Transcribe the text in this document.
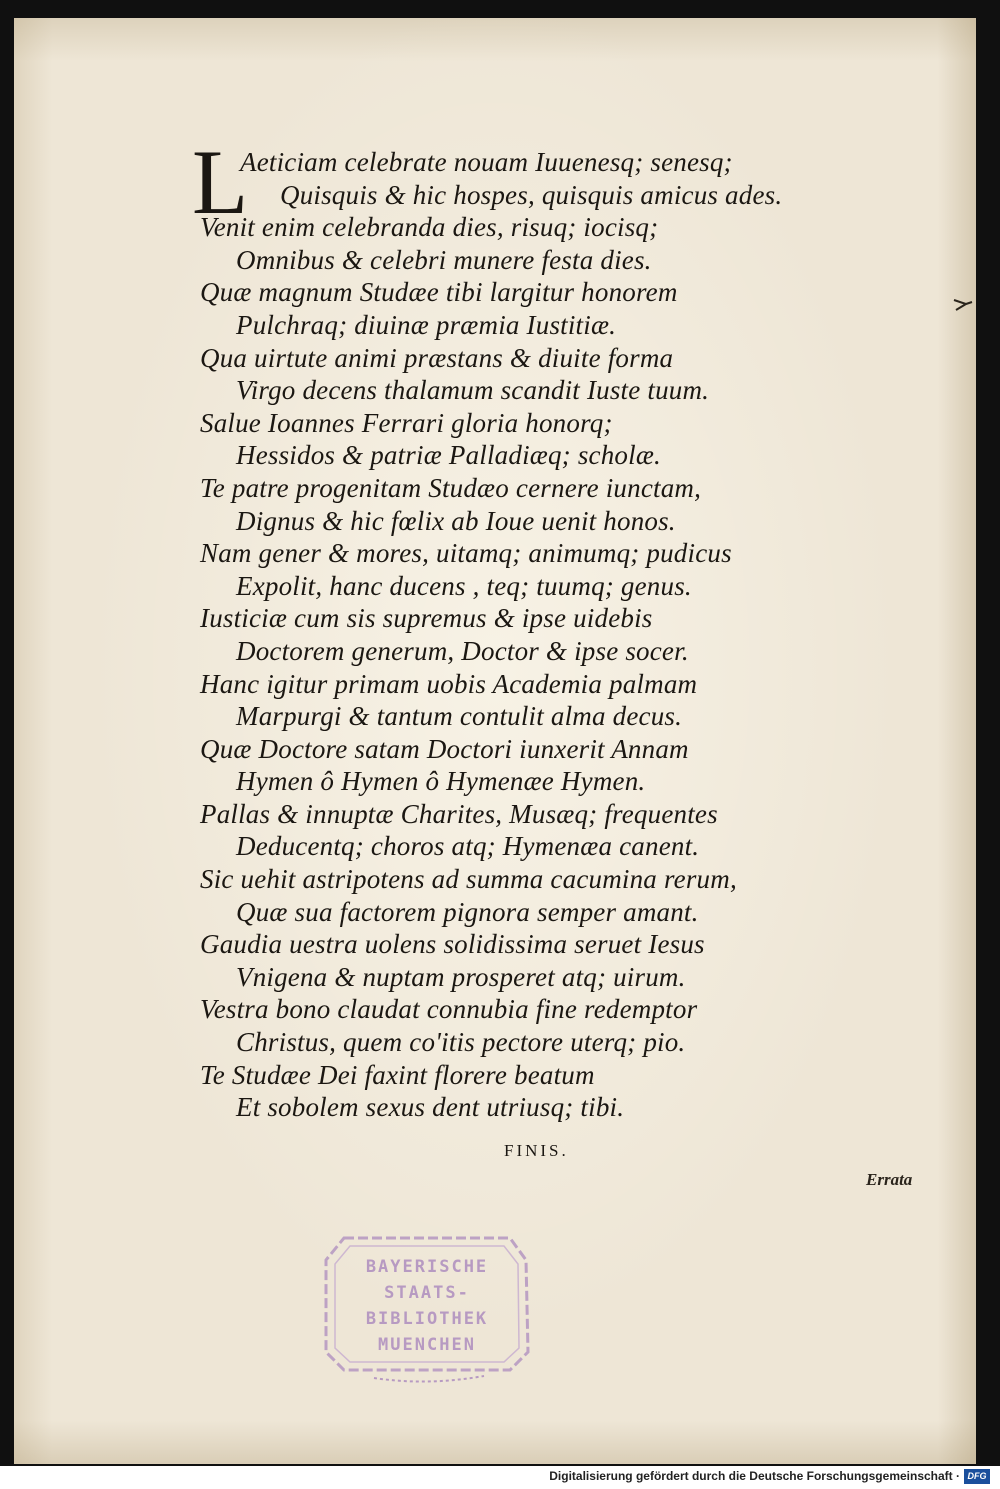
L
Aeticiam celebrate nouam Iuuenesq; senesq;
Quisquis & hic hospes, quisquis amicus ades.
Venit enim celebranda dies, risuq; iocisq;
Omnibus & celebri munere festa dies.
Quæ magnum Studæe tibi largitur honorem
Pulchraq; diuinæ præmia Iustitiæ.
Qua uirtute animi præstans & diuite forma
Virgo decens thalamum scandit Iuste tuum.
Salue Ioannes Ferrari gloria honorq;
Hessidos & patriæ Palladiæq; scholæ.
Te patre progenitam Studæo cernere iunctam,
Dignus & hic fœlix ab Ioue uenit honos.
Nam gener & mores, uitamq; animumq; pudicus
Expolit, hanc ducens , teq; tuumq; genus.
Iusticiæ cum sis supremus & ipse uidebis
Doctorem generum, Doctor & ipse socer.
Hanc igitur primam uobis Academia palmam
Marpurgi & tantum contulit alma decus.
Quæ Doctore satam Doctori iunxerit Annam
Hymen ô Hymen ô Hymenæe Hymen.
Pallas & innuptæ Charites, Musæq; frequentes
Deducentq; choros atq; Hymenæa canent.
Sic uehit astripotens ad summa cacumina rerum,
Quæ sua factorem pignora semper amant.
Gaudia uestra uolens solidissima seruet Iesus
Vnigena & nuptam prosperet atq; uirum.
Vestra bono claudat connubia fine redemptor
Christus, quem co'itis pectore uterq; pio.
Te Studæe Dei faxint florere beatum
Et sobolem sexus dent utriusq; tibi.
FINIS.
Errata
BAYERISCHE
STAATS-
BIBLIOTHEK
MUENCHEN
Digitalisierung gefördert durch die Deutsche Forschungsgemeinschaft · DFG
